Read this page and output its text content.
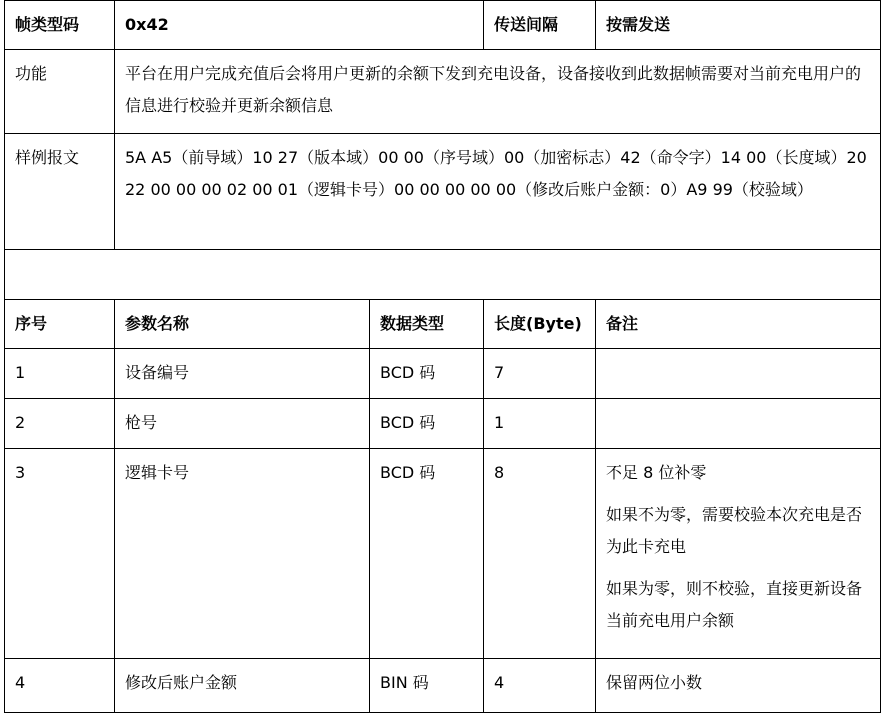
帧类型码	0x42		传送间隔	按需发送
功能	平台在用户完成充值后会将用户更新的余额下发到充电设备，设备接收到此数据帧需要对当前充电用户的信息进行校验并更新余额信息			
样例报文	5A A5（前导域）10 27（版本域）00 00（序号域）00（加密标志）42（命令字）14 00（长度域）20 22 00 00 00 02 00 01（逻辑卡号）00 00 00 00 00（修改后账户金额：0）A9 99（校验域）			

序号	参数名称	数据类型	长度(Byte)	备注
1	设备编号	BCD 码	7	
2	枪号	BCD 码	1	
3	逻辑卡号	BCD 码	8	不足 8 位补零

如果不为零，需要校验本次充电是否为此卡充电

如果为零，则不校验，直接更新设备当前充电用户余额

4	修改后账户金额	BIN 码	4	保留两位小数
